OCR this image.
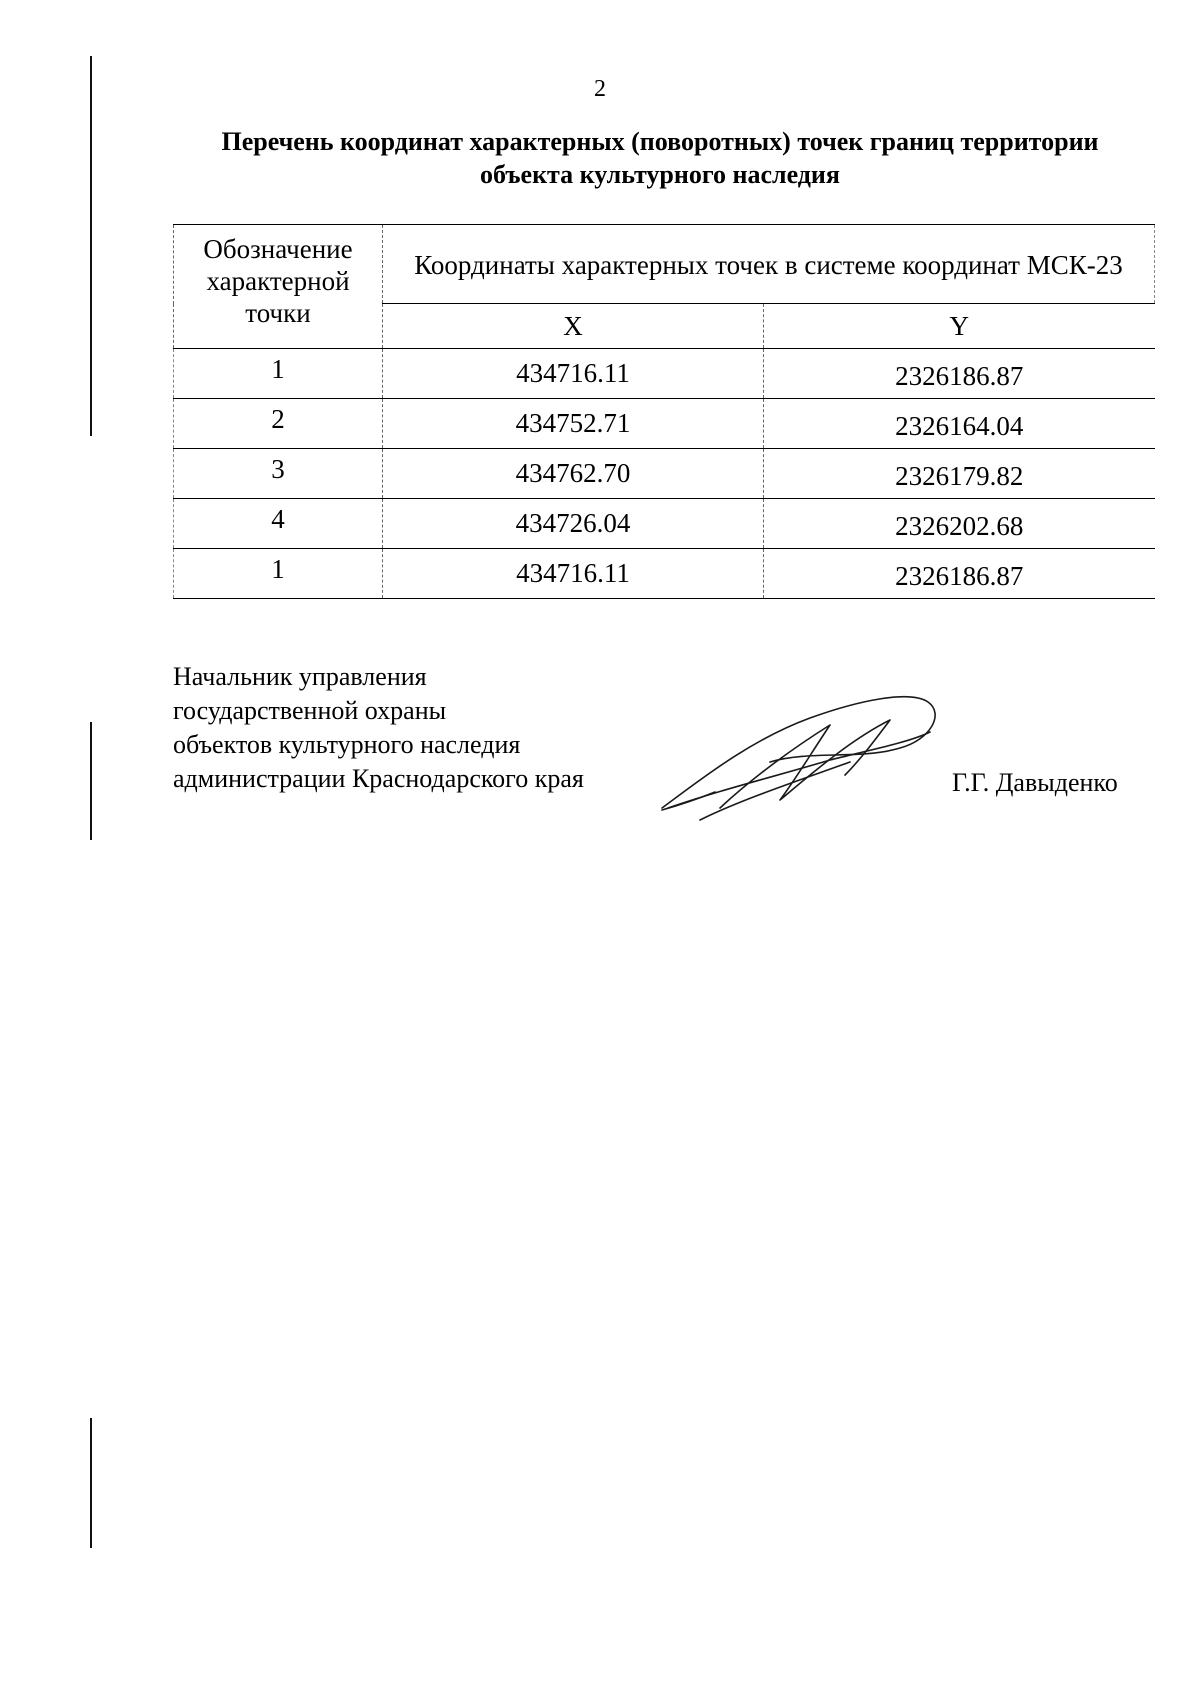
2
Перечень координат характерных (поворотных) точек границ территории
объекта культурного наследия
Обозначение характерной точки	Координаты характерных точек в системе координат МСК-23	
	X	Y
1	434716.11	2326186.87
2	434752.71	2326164.04
3	434762.70	2326179.82
4	434726.04	2326202.68
1	434716.11	2326186.87
Начальник управления
государственной охраны
объектов культурного наследия
администрации Краснодарского края	Г.Г. Давыденко
